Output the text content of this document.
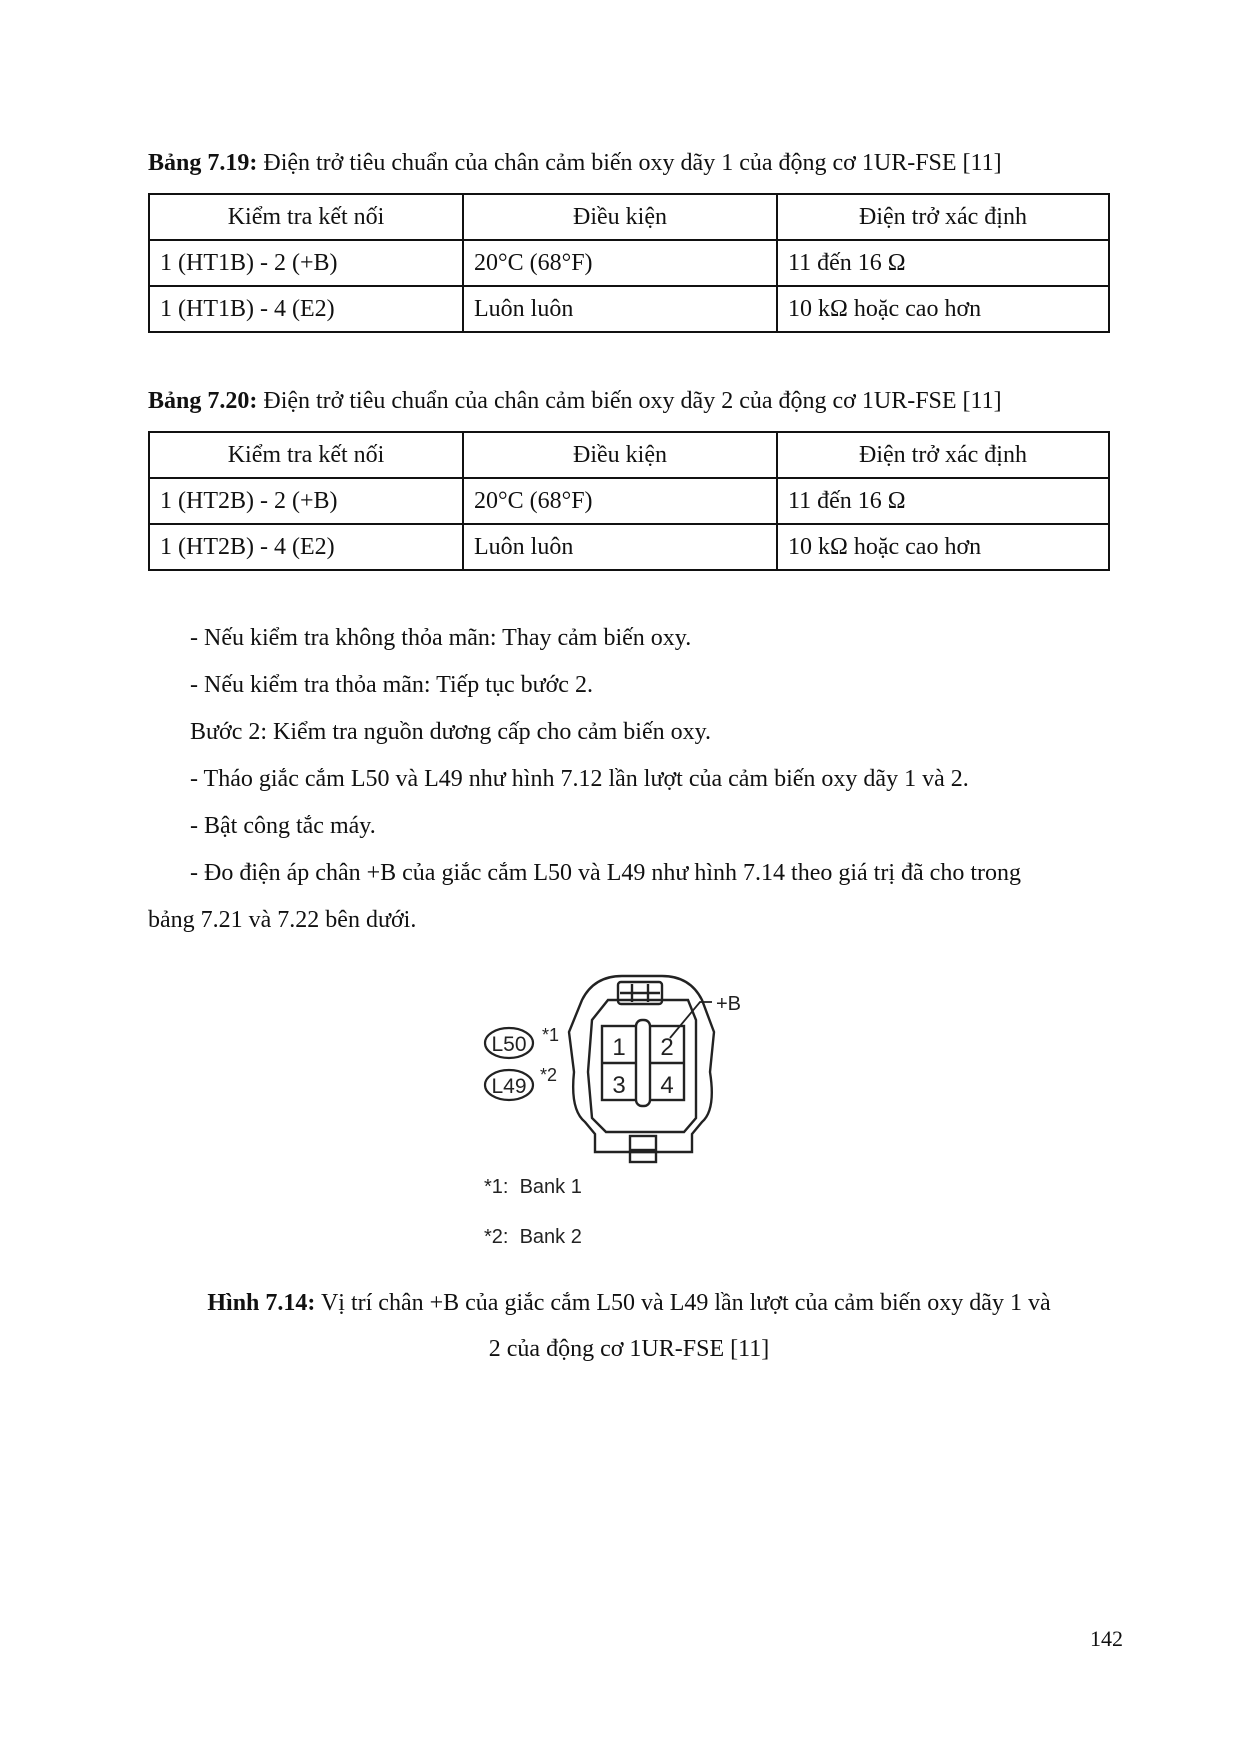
Bảng 7.19: Điện trở tiêu chuẩn của chân cảm biến oxy dãy 1 của động cơ 1UR-FSE [11]
Kiểm tra kết nối	Điều kiện	Điện trở xác định
1 (HT1B) - 2 (+B)	20°C (68°F)	11 đến 16 Ω
1 (HT1B) - 4 (E2)	Luôn luôn	10 kΩ hoặc cao hơn
Bảng 7.20: Điện trở tiêu chuẩn của chân cảm biến oxy dãy 2 của động cơ 1UR-FSE [11]
Kiểm tra kết nối	Điều kiện	Điện trở xác định
1 (HT2B) - 2 (+B)	20°C (68°F)	11 đến 16 Ω
1 (HT2B) - 4 (E2)	Luôn luôn	10 kΩ hoặc cao hơn
- Nếu kiểm tra không thỏa mãn: Thay cảm biến oxy.
- Nếu kiểm tra thỏa mãn: Tiếp tục bước 2.
Bước 2: Kiểm tra nguồn dương cấp cho cảm biến oxy.
- Tháo giắc cắm L50 và L49 như hình 7.12 lần lượt của cảm biến oxy dãy 1 và 2.
- Bật công tắc máy.
- Đo điện áp chân +B của giắc cắm L50 và L49 như hình 7.14 theo giá trị đã cho trong
bảng 7.21 và 7.22 bên dưới.
L50 *1
L49 *2
1 2
3 4
+B
*1:  Bank 1
*2:  Bank 2
Hình 7.14: Vị trí chân +B của giắc cắm L50 và L49 lần lượt của cảm biến oxy dãy 1 và
2 của động cơ 1UR-FSE [11]
142
